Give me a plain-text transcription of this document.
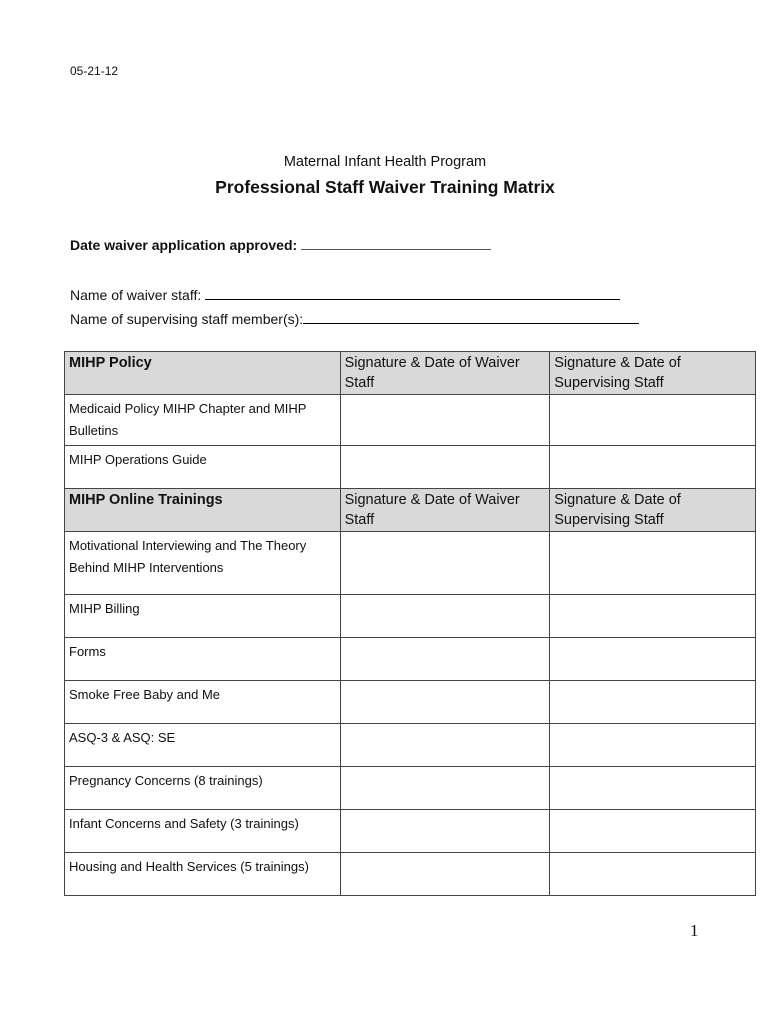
05-21-12
Maternal Infant Health Program
Professional Staff Waiver Training Matrix
Date waiver application approved:
Name of waiver staff:
Name of supervising staff member(s):
MIHP Policy	Signature & Date of Waiver Staff	Signature & Date of Supervising Staff
Medicaid Policy MIHP Chapter and MIHP Bulletins		
MIHP Operations Guide		
MIHP Online Trainings	Signature & Date of Waiver Staff	Signature & Date of Supervising Staff
Motivational Interviewing and The Theory Behind MIHP Interventions		
MIHP Billing		
Forms		
Smoke Free Baby and Me		
ASQ-3 & ASQ: SE		
Pregnancy Concerns (8 trainings)		
Infant Concerns and Safety (3 trainings)		
Housing and Health Services (5 trainings)		
1
